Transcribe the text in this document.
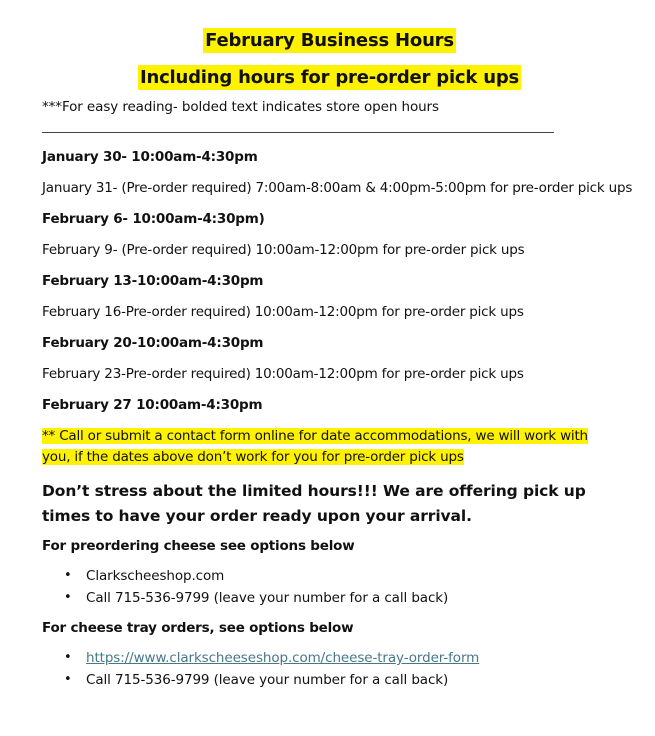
February Business Hours
Including hours for pre-order pick ups
***For easy reading- bolded text indicates store open hours
January 30- 10:00am-4:30pm
January 31- (Pre-order required) 7:00am-8:00am & 4:00pm-5:00pm for pre-order pick ups
February 6- 10:00am-4:30pm)
February 9- (Pre-order required) 10:00am-12:00pm for pre-order pick ups
February 13-10:00am-4:30pm
February 16-Pre-order required) 10:00am-12:00pm for pre-order pick ups
February 20-10:00am-4:30pm
February 23-Pre-order required) 10:00am-12:00pm for pre-order pick ups
February 27 10:00am-4:30pm
** Call or submit a contact form online for date accommodations, we will work with you, if the dates above don’t work for you for pre-order pick ups
Don’t stress about the limited hours!!! We are offering pick up times to have your order ready upon your arrival.
For preordering cheese see options below
• Clarkscheeshop.com
• Call 715-536-9799 (leave your number for a call back)
For cheese tray orders, see options below
• https://www.clarkscheeseshop.com/cheese-tray-order-form
• Call 715-536-9799 (leave your number for a call back)
